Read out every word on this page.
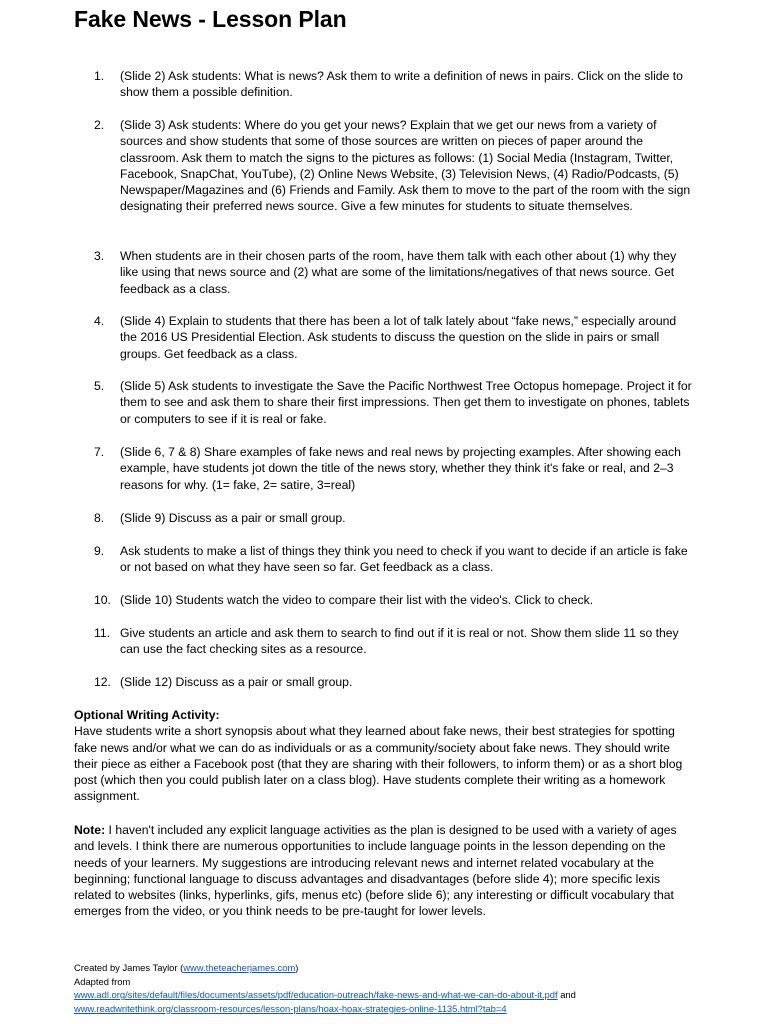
Fake News - Lesson Plan
1. (Slide 2) Ask students: What is news? Ask them to write a definition of news in pairs. Click on the slide to show them a possible definition.
2. (Slide 3) Ask students: Where do you get your news? Explain that we get our news from a variety of sources and show students that some of those sources are written on pieces of paper around the classroom. Ask them to match the signs to the pictures as follows: (1) Social Media (Instagram, Twitter, Facebook, SnapChat, YouTube), (2) Online News Website, (3) Television News, (4) Radio/Podcasts, (5) Newspaper/Magazines and (6) Friends and Family. Ask them to move to the part of the room with the sign designating their preferred news source. Give a few minutes for students to situate themselves.
3. When students are in their chosen parts of the room, have them talk with each other about (1) why they like using that news source and (2) what are some of the limitations/negatives of that news source. Get feedback as a class.
4. (Slide 4) Explain to students that there has been a lot of talk lately about “fake news,” especially around the 2016 US Presidential Election. Ask students to discuss the question on the slide in pairs or small groups. Get feedback as a class.
5. (Slide 5) Ask students to investigate the Save the Pacific Northwest Tree Octopus homepage. Project it for them to see and ask them to share their first impressions. Then get them to investigate on phones, tablets or computers to see if it is real or fake.
7. (Slide 6, 7 & 8) Share examples of fake news and real news by projecting examples. After showing each example, have students jot down the title of the news story, whether they think it's fake or real, and 2–3 reasons for why. (1= fake, 2= satire, 3=real)
8. (Slide 9) Discuss as a pair or small group.
9. Ask students to make a list of things they think you need to check if you want to decide if an article is fake or not based on what they have seen so far. Get feedback as a class.
10. (Slide 10) Students watch the video to compare their list with the video's. Click to check.
11. Give students an article and ask them to search to find out if it is real or not. Show them slide 11 so they can use the fact checking sites as a resource.
12. (Slide 12) Discuss as a pair or small group.
Optional Writing Activity:
Have students write a short synopsis about what they learned about fake news, their best strategies for spotting fake news and/or what we can do as individuals or as a community/society about fake news. They should write their piece as either a Facebook post (that they are sharing with their followers, to inform them) or as a short blog post (which then you could publish later on a class blog). Have students complete their writing as a homework assignment.
Note: I haven't included any explicit language activities as the plan is designed to be used with a variety of ages and levels. I think there are numerous opportunities to include language points in the lesson depending on the needs of your learners. My suggestions are introducing relevant news and internet related vocabulary at the beginning; functional language to discuss advantages and disadvantages (before slide 4); more specific lexis related to websites (links, hyperlinks, gifs, menus etc) (before slide 6); any interesting or difficult vocabulary that emerges from the video, or you think needs to be pre-taught for lower levels.
Created by James Taylor (www.theteacherjames.com)
Adapted from
www.adl.org/sites/default/files/documents/assets/pdf/education-outreach/fake-news-and-what-we-can-do-about-it.pdf and
www.readwritethink.org/classroom-resources/lesson-plans/hoax-hoax-strategies-online-1135.html?tab=4
